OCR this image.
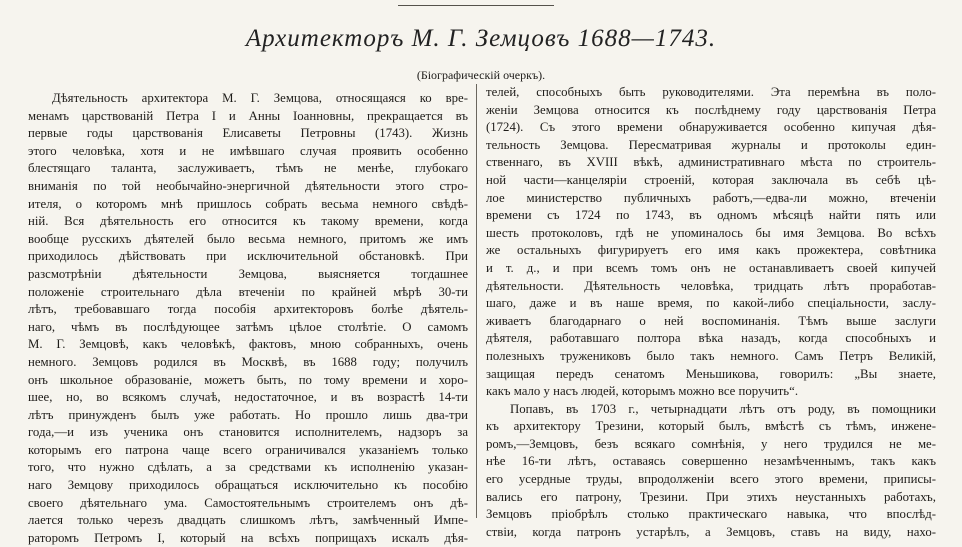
Архитекторъ М. Г. Земцовъ 1688—1743.
(Біографическій очеркъ).
Дѣятельность архитектора М. Г. Земцова, относящаяся ко вре-
менамъ царствованій Петра I и Анны Іоанновны, прекращается въ
первые годы царствованія Елисаветы Петровны (1743). Жизнь
этого человѣка, хотя и не имѣвшаго случая проявить особенно
блестящаго таланта, заслуживаетъ, тѣмъ не менѣе, глубокаго
вниманія по той необычайно-энергичной дѣятельности этого стро-
ителя, о которомъ мнѣ пришлось собрать весьма немного свѣдѣ-
ній. Вся дѣятельность его относится къ такому времени, когда
вообще русскихъ дѣятелей было весьма немного, притомъ же имъ
приходилось дѣйствовать при исключительной обстановкѣ. При
разсмотрѣніи дѣятельности Земцова, выясняется тогдашнее
положеніе строительнаго дѣла втеченіи по крайней мѣрѣ 30-ти
лѣтъ, требовавшаго тогда пособія архитекторовъ болѣе дѣятель-
наго, чѣмъ въ послѣдующее затѣмъ цѣлое столѣтіе. О самомъ
М. Г. Земцовѣ, какъ человѣкѣ, фактовъ, мною собранныхъ, очень
немного. Земцовъ родился въ Москвѣ, въ 1688 году; получилъ
онъ школьное образованіе, можетъ быть, по тому времени и хоро-
шее, но, во всякомъ случаѣ, недостаточное, и въ возрастѣ 14-ти
лѣтъ принужденъ былъ уже работать. Но прошло лишь два-три
года,—и изъ ученика онъ становится исполнителемъ, надзоръ за
которымъ его патрона чаще всего ограничивался указаніемъ только
того, что нужно сдѣлать, а за средствами къ исполненію указан-
наго Земцову приходилось обращаться исключительно къ пособію
своего дѣятельнаго ума. Самостоятельнымъ строителемъ онъ дѣ-
лается только черезъ двадцать слишкомъ лѣтъ, замѣченный Импе-
раторомъ Петромъ I, который на всѣхъ поприщахъ искалъ дѣя-
телей, способныхъ быть руководителями. Эта перемѣна въ поло-
женіи Земцова относится къ послѣднему году царствованія Петра
(1724). Съ этого времени обнаруживается особенно кипучая дѣя-
тельность Земцова. Пересматривая журналы и протоколы един-
ственнаго, въ XVIII вѣкѣ, административнаго мѣста по строитель-
ной части—канцеляріи строеній, которая заключала въ себѣ цѣ-
лое министерство публичныхъ работъ,—едва-ли можно, втеченіи
времени съ 1724 по 1743, въ одномъ мѣсяцѣ найти пять или
шесть протоколовъ, гдѣ не упоминалось бы имя Земцова. Во всѣхъ
же остальныхъ фигурируетъ его имя какъ прожектера, совѣтника
и т. д., и при всемъ томъ онъ не останавливаетъ своей кипучей
дѣятельности. Дѣятельность человѣка, тридцать лѣтъ проработав-
шаго, даже и въ наше время, по какой-либо спеціальности, заслу-
живаетъ благодарнаго о ней воспоминанія. Тѣмъ выше заслуги
дѣятеля, работавшаго полтора вѣка назадъ, когда способныхъ и
полезныхъ тружениковъ было такъ немного. Самъ Петръ Великій,
защищая передъ сенатомъ Меньшикова, говорилъ: „Вы знаете,
какъ мало у насъ людей, которымъ можно все поручить“.
Попавъ, въ 1703 г., четырнадцати лѣтъ отъ роду, въ помощники
къ архитектору Трезини, который былъ, вмѣстѣ съ тѣмъ, инжене-
ромъ,—Земцовъ, безъ всякаго сомнѣнія, у него трудился не ме-
нѣе 16-ти лѣтъ, оставаясь совершенно незамѣченнымъ, такъ какъ
его усердные труды, впродолженіи всего этого времени, приписы-
вались его патрону, Трезини. При этихъ неустанныхъ работахъ,
Земцовъ пріобрѣлъ столько практическаго навыка, что впослѣд-
ствіи, когда патронъ устарѣлъ, а Земцовъ, ставъ на виду, нахо-
